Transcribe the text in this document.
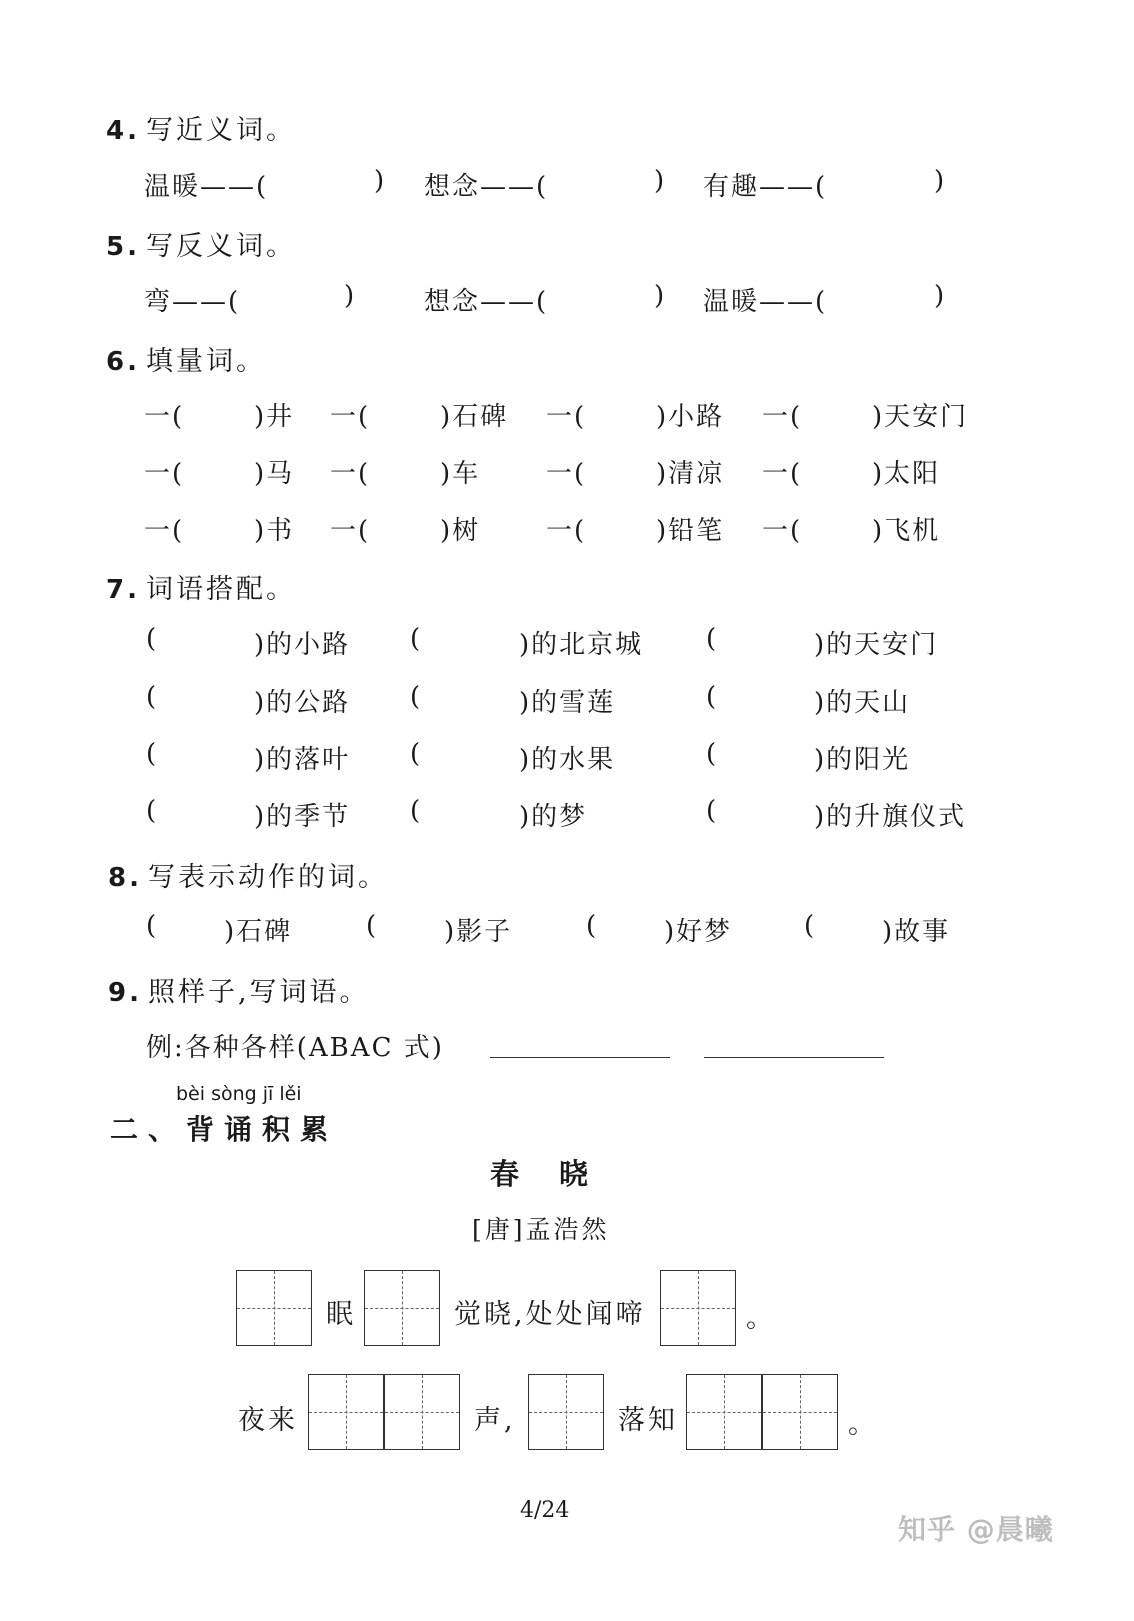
4. 写近义词。
温暖——(	) 想念——(	) 有趣——(	)
5. 写反义词。
弯——(	)	想念——(	) 温暖——(	)
6. 填量词。
一(	)井 一(	)石碑 一(	)小路 一(	)天安门
一(	)马 一(	)车	一(	)清凉 一(	)太阳
一(	)书 一(	)树	一(	)铅笔 一(	)飞机
7. 词语搭配。
(	)的小路 (	)的北京城 (	)的天安门
(	)的公路 (	)的雪莲	(	)的天山
(	)的落叶 (	)的水果	(	)的阳光
(	)的季节 (	)的梦	(	)的升旗仪式
8. 写表示动作的词。
(	)石碑	(	)影子	(	)好梦	(	)故事
9. 照样子,写词语。
例:各种各样(ABAC 式)
bèi sòng jī lěi
二、背诵积累
春晓
[唐]孟浩然
眠	觉晓,处处闻啼	。
夜来	声,	落知	。
4/24
知乎 @晨曦
